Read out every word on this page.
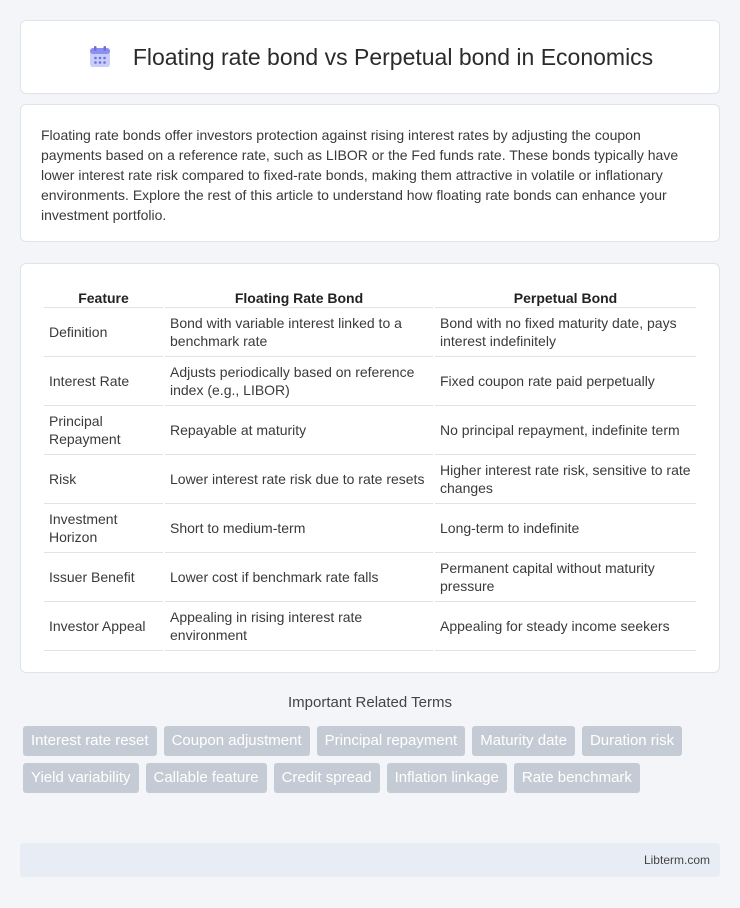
Floating rate bond vs Perpetual bond in Economics

Floating rate bonds offer investors protection against rising interest rates by adjusting the coupon payments based on a reference rate, such as LIBOR or the Fed funds rate. These bonds typically have lower interest rate risk compared to fixed-rate bonds, making them attractive in volatile or inflationary environments. Explore the rest of this article to understand how floating rate bonds can enhance your investment portfolio.

Feature	Floating Rate Bond	Perpetual Bond
Definition	Bond with variable interest linked to a benchmark rate	Bond with no fixed maturity date, pays interest indefinitely
Interest Rate	Adjusts periodically based on reference index (e.g., LIBOR)	Fixed coupon rate paid perpetually
Principal Repayment	Repayable at maturity	No principal repayment, indefinite term
Risk	Lower interest rate risk due to rate resets	Higher interest rate risk, sensitive to rate changes
Investment Horizon	Short to medium-term	Long-term to indefinite
Issuer Benefit	Lower cost if benchmark rate falls	Permanent capital without maturity pressure
Investor Appeal	Appealing in rising interest rate environment	Appealing for steady income seekers
Important Related Terms
Interest rate reset	Coupon adjustment	Principal repayment	Maturity date	Duration risk
Yield variability	Callable feature	Credit spread	Inflation linkage	Rate benchmark
Libterm.com
